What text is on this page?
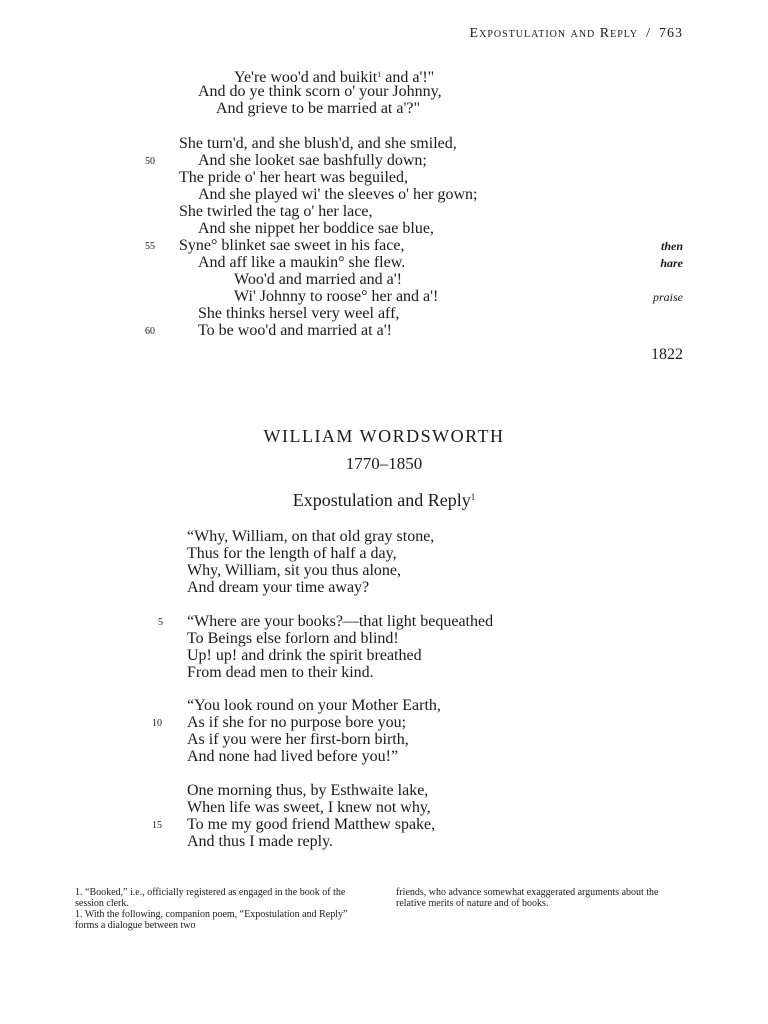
Expostulation and Reply / 763
Ye're woo'd and buikit$^1$ and a'!"
And do ye think scorn o' your Johnny,
And grieve to be married at a'?"
She turn'd, and she blush'd, and she smiled,
50	And she looket sae bashfully down;
The pride o' her heart was beguiled,
And she played wi' the sleeves o' her gown;
She twirled the tag o' her lace,
And she nippet her boddice sae blue,
55 Syne° blinket sae sweet in his face,	then
And aff like a maukin° she flew.	hare
Woo'd and married and a'!
Wi' Johnny to roose° her and a'!	praise
She thinks hersel very weel aff,
60	To be woo'd and married at a'!
1822
WILLIAM WORDSWORTH
1770–1850
Expostulation and Reply$^1$
“Why, William, on that old gray stone,
Thus for the length of half a day,
Why, William, sit you thus alone,
And dream your time away?
5 “Where are your books?—that light bequeathed
To Beings else forlorn and blind!
Up! up! and drink the spirit breathed
From dead men to their kind.
“You look round on your Mother Earth,
10 As if she for no purpose bore you;
As if you were her first-born birth,
And none had lived before you!”
One morning thus, by Esthwaite lake,
When life was sweet, I knew not why,
15 To me my good friend Matthew spake,
And thus I made reply.

1. “Booked,” i.e., officially registered as engaged in the book of the session clerk.

1. With the following, companion poem, “Expostulation and Reply” forms a dialogue between two

friends, who advance somewhat exaggerated arguments about the relative merits of nature and of books.
